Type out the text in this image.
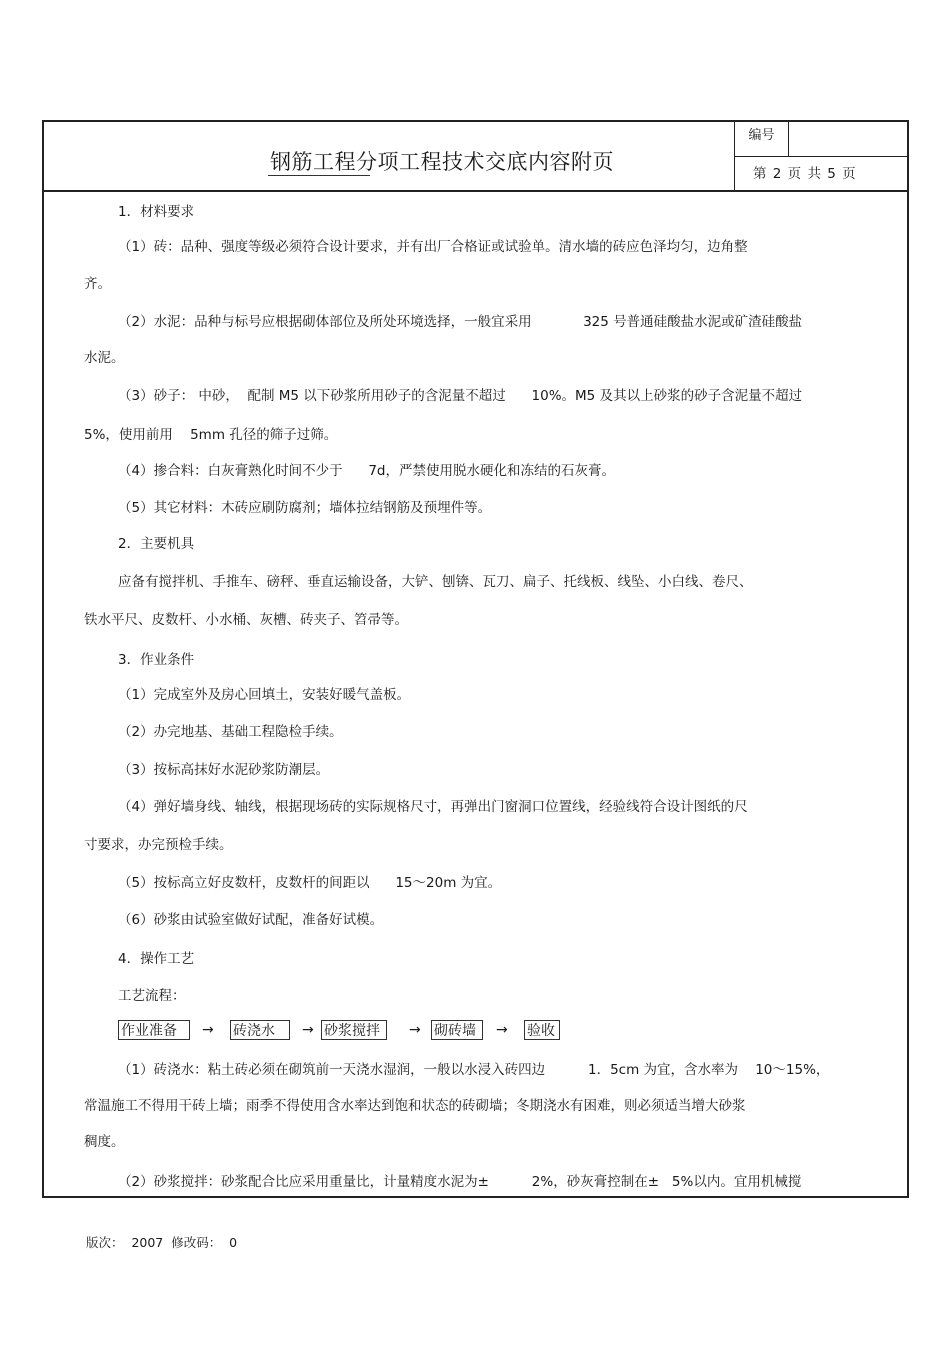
钢筋工程分项工程技术交底内容附页
编号
第 2 页 共 5 页
1．材料要求
（1）砖：品种、强度等级必须符合设计要求，并有出厂合格证或试验单。清水墙的砖应色泽均匀，边角整
齐。
（2）水泥：品种与标号应根据砌体部位及所处环境选择，一般宜采用            325 号普通硅酸盐水泥或矿渣硅酸盐
水泥。
（3）砂子： 中砂，  配制 M5 以下砂浆所用砂子的含泥量不超过      10%。M5 及其以上砂浆的砂子含泥量不超过
5%，使用前用    5mm 孔径的筛子过筛。
（4）掺合料：白灰膏熟化时间不少于      7d，严禁使用脱水硬化和冻结的石灰膏。
（5）其它材料：木砖应刷防腐剂；墙体拉结钢筋及预埋件等。
2．主要机具
应备有搅拌机、手推车、磅秤、垂直运输设备，大铲、刨锛、瓦刀、扁子、托线板、线坠、小白线、卷尺、
铁水平尺、皮数杆、小水桶、灰槽、砖夹子、笤帚等。
3．作业条件
（1）完成室外及房心回填土，安装好暖气盖板。
（2）办完地基、基础工程隐检手续。
（3）按标高抹好水泥砂浆防潮层。
（4）弹好墙身线、轴线，根据现场砖的实际规格尺寸，再弹出门窗洞口位置线，经验线符合设计图纸的尺
寸要求，办完预检手续。
（5）按标高立好皮数杆，皮数杆的间距以      15～20m 为宜。
（6）砂浆由试验室做好试配，准备好试模。
4．操作工艺
工艺流程：
（1）砖浇水：粘土砖必须在砌筑前一天浇水湿润，一般以水浸入砖四边          1．5cm 为宜，含水率为    10～15%，
常温施工不得用干砖上墙；雨季不得使用含水率达到饱和状态的砖砌墙；冬期浇水有困难，则必须适当增大砂浆
稠度。
（2）砂浆搅拌：砂浆配合比应采用重量比，计量精度水泥为±          2%，砂灰膏控制在±   5%以内。宜用机械搅
作业准备	→ 砖浇水	→ 砂浆搅拌	→ 砌砖墙	→ 验收
版次：  2007  修改码：  0
